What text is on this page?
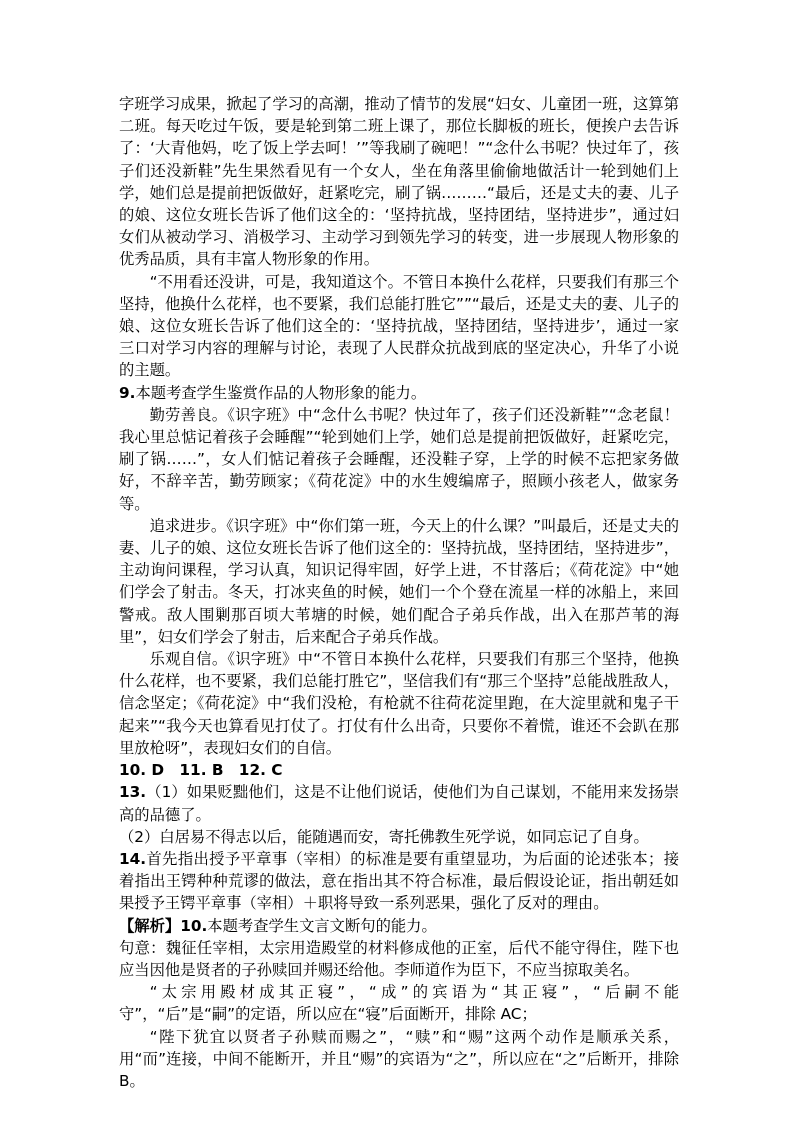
字班学习成果，掀起了学习的高潮，推动了情节的发展“妇女、儿童团一班，这算第二班。每天吃过午饭，要是轮到第二班上课了，那位长脚板的班长，便挨户去告诉了：‘大青他妈，吃了饭上学去呵！’”等我刷了碗吧！”“念什么书呢？快过年了，孩子们还没新鞋”先生果然看见有一个女人，坐在角落里偷偷地做活计一轮到她们上学，她们总是提前把饭做好，赶紧吃完，刷了锅………“最后，还是丈夫的妻、儿子的娘、这位女班长告诉了他们这全的：‘坚持抗战，坚持团结，坚持进步”，通过妇女们从被动学习、消极学习、主动学习到领先学习的转变，进一步展现人物形象的优秀品质，具有丰富人物形象的作用。

“不用看还没讲，可是，我知道这个。不管日本换什么花样，只要我们有那三个坚持，他换什么花样，也不要紧，我们总能打胜它””“最后，还是丈夫的妻、儿子的娘、这位女班长告诉了他们这全的：‘坚持抗战，坚持团结，坚持进步’，通过一家三口对学习内容的理解与讨论，表现了人民群众抗战到底的坚定决心，升华了小说的主题。

9.本题考查学生鉴赏作品的人物形象的能力。

勤劳善良。《识字班》中“念什么书呢？快过年了，孩子们还没新鞋”“念老鼠！我心里总惦记着孩子会睡醒”“轮到她们上学，她们总是提前把饭做好，赶紧吃完，刷了锅……”，女人们惦记着孩子会睡醒，还没鞋子穿，上学的时候不忘把家务做好，不辞辛苦，勤劳顾家；《荷花淀》中的水生嫂编席子，照顾小孩老人，做家务等。

追求进步。《识字班》中“你们第一班，今天上的什么课？”叫最后，还是丈夫的妻、儿子的娘、这位女班长告诉了他们这全的：坚持抗战，坚持团结，坚持进步”，主动询问课程，学习认真，知识记得牢固，好学上进，不甘落后；《荷花淀》中“她们学会了射击。冬天，打冰夹鱼的时候，她们一个个登在流星一样的冰船上，来回警戒。敌人围剿那百顷大苇塘的时候，她们配合子弟兵作战，出入在那芦苇的海里”，妇女们学会了射击，后来配合子弟兵作战。

乐观自信。《识字班》中“不管日本换什么花样，只要我们有那三个坚持，他换什么花样，也不要紧，我们总能打胜它”，坚信我们有“那三个坚持”总能战胜敌人，信念坚定；《荷花淀》中“我们没枪，有枪就不往荷花淀里跑，在大淀里就和鬼子干起来”“我今天也算看见打仗了。打仗有什么出奇，只要你不着慌，谁还不会趴在那里放枪呀”，表现妇女们的自信。

10. D　11. B　12. C

13.（1）如果贬黜他们，这是不让他们说话，使他们为自己谋划，不能用来发扬崇高的品德了。

（2）白居易不得志以后，能随遇而安，寄托佛教生死学说，如同忘记了自身。

14.首先指出授予平章事（宰相）的标准是要有重望显功，为后面的论述张本；接着指出王锷种种荒谬的做法，意在指出其不符合标准，最后假设论证，指出朝廷如果授予王锷平章事（宰相）＋职将导致一系列恶果，强化了反对的理由。

【解析】10.本题考查学生文言文断句的能力。

句意：魏征任宰相，太宗用造殿堂的材料修成他的正室，后代不能守得住，陛下也应当因他是贤者的子孙赎回并赐还给他。李师道作为臣下，不应当掠取美名。

“太宗用殿材成其正寝”，“成”的宾语为“其正寝”，“后嗣不能守”，“后”是“嗣”的定语，所以应在“寝”后面断开，排除 AC；

“陛下犹宜以贤者子孙赎而赐之”，“赎”和“赐”这两个动作是顺承关系，用“而”连接，中间不能断开，并且“赐”的宾语为“之”，所以应在“之”后断开，排除 B。
